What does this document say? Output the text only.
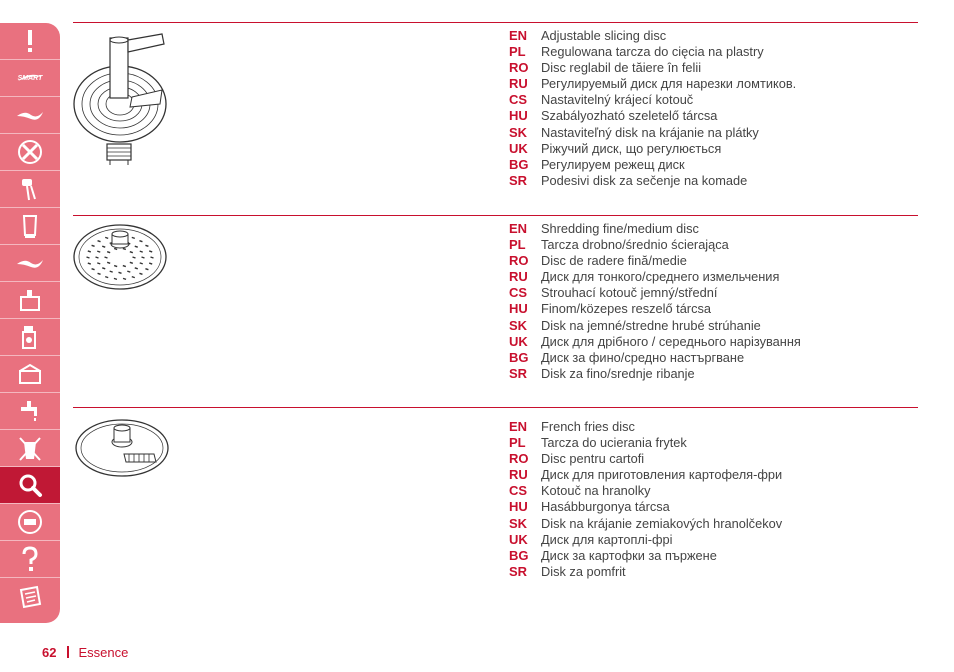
SMART
EN	Adjustable slicing disc
PL	Regulowana tarcza do cięcia na plastry
RO Disc reglabil de tăiere în felii
RU	Регулируемый диск для нарезки ломтиков.
CS	Nastavitelný krájecí kotouč
HU	Szabályozható szeletelő tárcsa
SK	Nastaviteľný disk na krájanie na plátky
UK	Ріжучий диск, що регулюється
BG Регулируем режещ диск
SR	Podesivi disk za sečenje na komade
EN	Shredding fine/medium disc
PL	Tarcza drobno/średnio ścierająca
RO Disc de radere fină/medie
RU	Диск для тонкого/среднего измельчения
CS	Strouhací kotouč jemný/střední
HU	Finom/közepes reszelő tárcsa
SK	Disk na jemné/stredne hrubé strúhanie
UK	Диск для дрібного / середнього нарізування
BG Диск за фино/средно настъргване
SR	Disk za fino/srednje ribanje
EN	French fries disc
PL	Tarcza do ucierania frytek
RO Disc pentru cartofi
RU	Диск для приготовления картофеля-фри
CS	Kotouč na hranolky
HU	Hasábburgonya tárcsa
SK	Disk na krájanie zemiakových hranolčekov
UK	Диск для картоплі-фрі
BG Диск за картофки за пържене
SR	Disk za pomfrit
62 Essence
